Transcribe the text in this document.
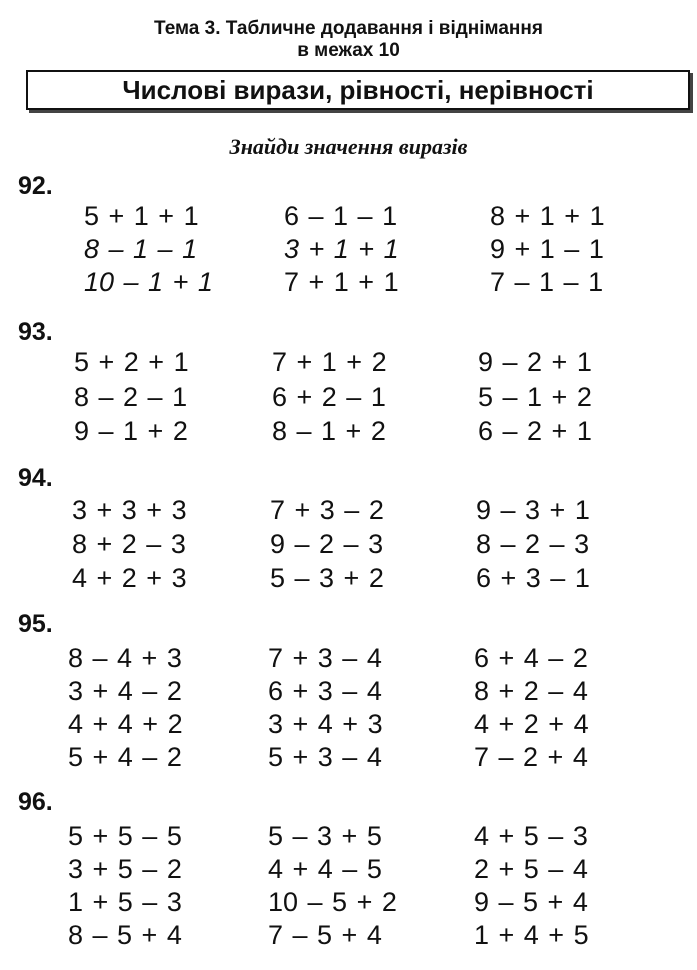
Тема 3. Табличне додавання і віднімання
в межах 10
Числові вирази, рівності, нерівності
Знайди значення виразів
92.
5 + 1 + 1	6 – 1 – 1	8 + 1 + 1
8 – 1 – 1	3 + 1 + 1	9 + 1 – 1
10 – 1 + 1	7 + 1 + 1	7 – 1 – 1
93.
5 + 2 + 1	7 + 1 + 2	9 – 2 + 1
8 – 2 – 1	6 + 2 – 1	5 – 1 + 2
9 – 1 + 2	8 – 1 + 2	6 – 2 + 1
94.
3 + 3 + 3	7 + 3 – 2	9 – 3 + 1
8 + 2 – 3	9 – 2 – 3	8 – 2 – 3
4 + 2 + 3	5 – 3 + 2	6 + 3 – 1
95.
8 – 4 + 3	7 + 3 – 4	6 + 4 – 2
3 + 4 – 2	6 + 3 – 4	8 + 2 – 4
4 + 4 + 2	3 + 4 + 3	4 + 2 + 4
5 + 4 – 2	5 + 3 – 4	7 – 2 + 4
96.
5 + 5 – 5	5 – 3 + 5	4 + 5 – 3
3 + 5 – 2	4 + 4 – 5	2 + 5 – 4
1 + 5 – 3	10 – 5 + 2	9 – 5 + 4
8 – 5 + 4	7 – 5 + 4	1 + 4 + 5
